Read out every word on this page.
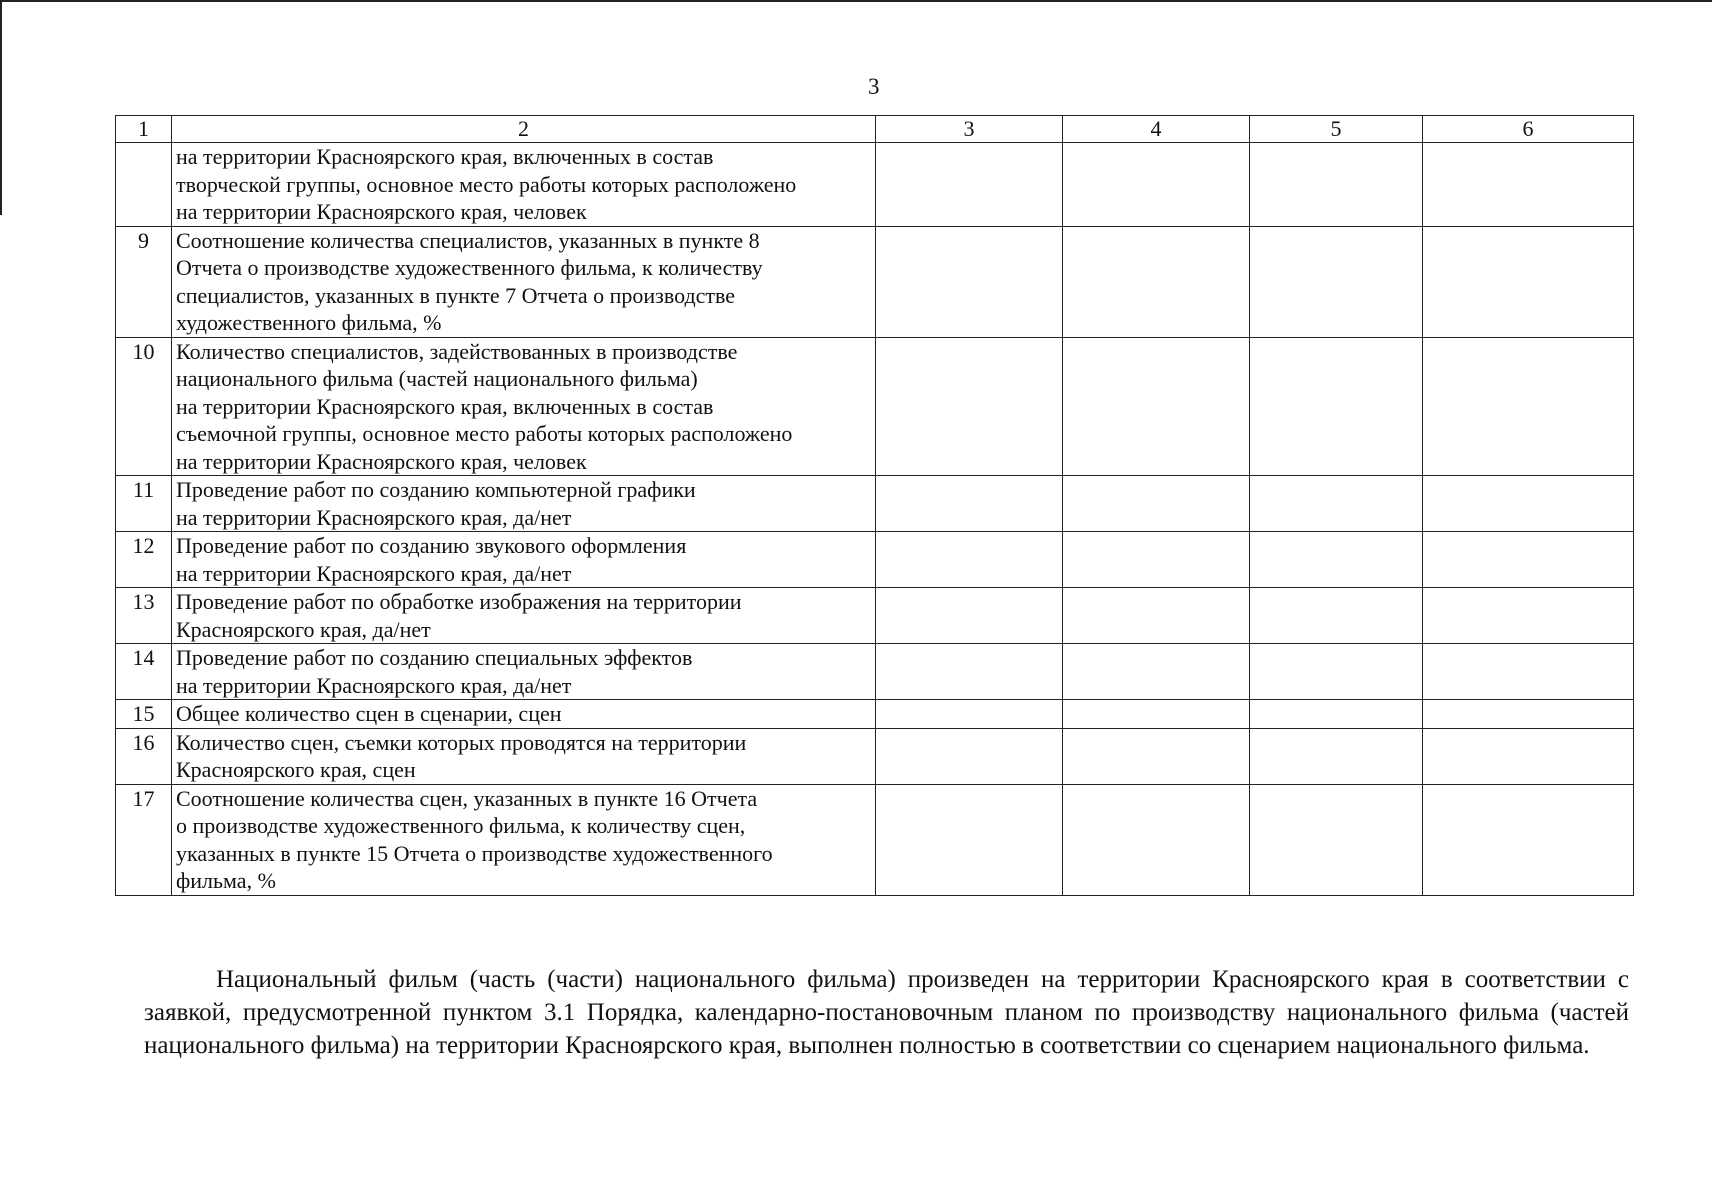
3
1	2	3	4	5	6

	на территории Красноярского края, включенных в состав
творческой группы, основное место работы которых расположено
на территории Красноярского края, человек				

9	Соотношение количества специалистов, указанных в пункте 8
Отчета о производстве художественного фильма, к количеству
специалистов, указанных в пункте 7 Отчета о производстве
художественного фильма, %				

10	Количество специалистов, задействованных в производстве
национального фильма (частей национального фильма)
на территории Красноярского края, включенных в состав
съемочной группы, основное место работы которых расположено
на территории Красноярского края, человек				

11	Проведение работ по созданию компьютерной графики
на территории Красноярского края, да/нет				

12	Проведение работ по созданию звукового оформления
на территории Красноярского края, да/нет				

13	Проведение работ по обработке изображения на территории
Красноярского края, да/нет				

14	Проведение работ по созданию специальных эффектов
на территории Красноярского края, да/нет				

15	Общее количество сцен в сценарии, сцен				

16	Количество сцен, съемки которых проводятся на территории
Красноярского края, сцен				

17	Соотношение количества сцен, указанных в пункте 16 Отчета
о производстве художественного фильма, к количеству сцен,
указанных в пункте 15 Отчета о производстве художественного
фильма, %				

Национальный фильм (часть (части) национального фильма) произведен на территории Красноярского края в соответствии с заявкой, предусмотренной пунктом 3.1 Порядка, календарно-постановочным планом по производству национального фильма (частей национального фильма) на территории Красноярского края, выполнен полностью в соответствии со сценарием национального фильма.
